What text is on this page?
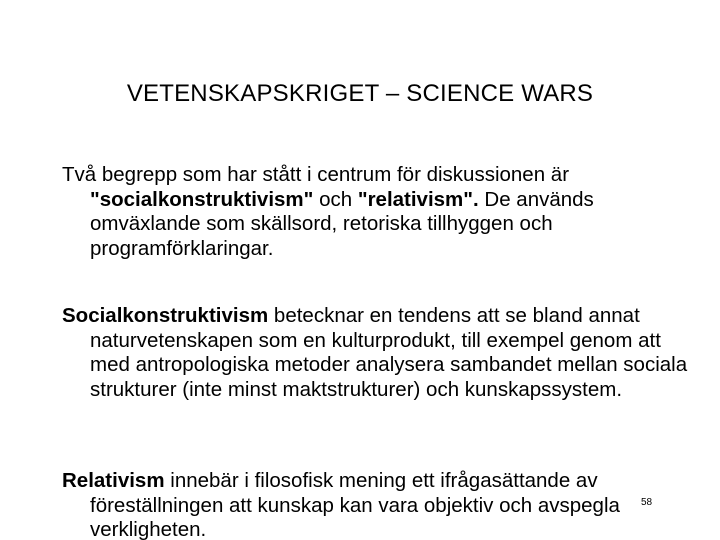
VETENSKAPSKRIGET – SCIENCE WARS

Två begrepp som har stått i centrum för diskussionen är "socialkonstruktivism" och "relativism". De används omväxlande som skällsord, retoriska tillhyggen och programförklaringar.

Socialkonstruktivism betecknar en tendens att se bland annat naturvetenskapen som en kulturprodukt, till exempel genom att med antropologiska metoder analysera sambandet mellan sociala strukturer (inte minst maktstrukturer) och kunskapssystem.

Relativism innebär i filosofisk mening ett ifrågasättande av föreställningen att kunskap kan vara objektiv och avspegla verkligheten.

58
